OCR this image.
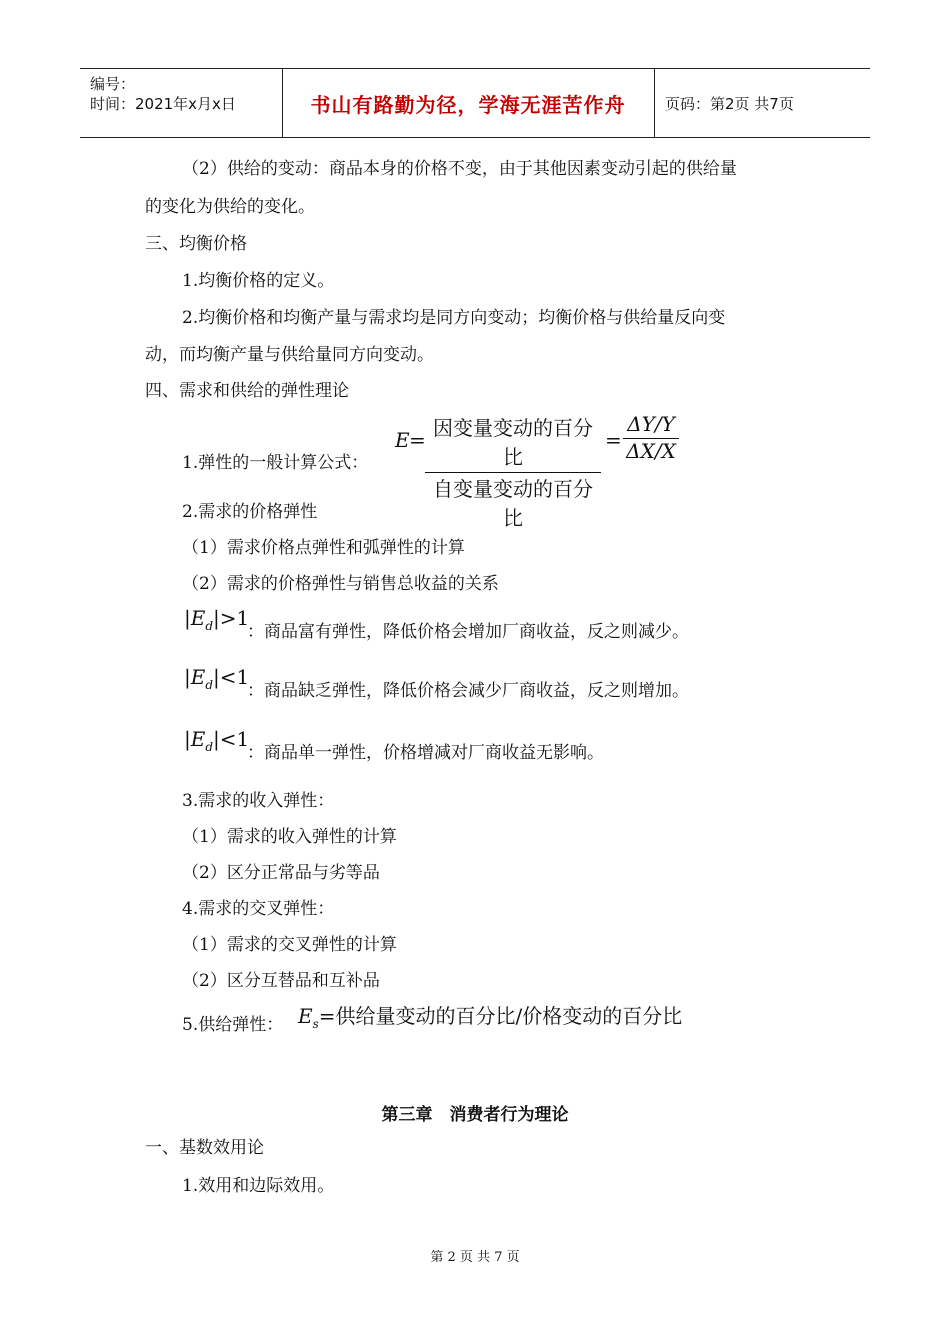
编号：
时间：2021年x月x日	书山有路勤为径，学海无涯苦作舟	页码：第2页 共7页
（2）供给的变动：商品本身的价格不变，由于其他因素变动引起的供给量
的变化为供给的变化。
三、均衡价格
1.均衡价格的定义。
2.均衡价格和均衡产量与需求均是同方向变动；均衡价格与供给量反向变
动，而均衡产量与供给量同方向变动。
四、需求和供给的弹性理论
1.弹性的一般计算公式：
E = 因变量变动的百分比
自变量变动的百分比
= $\frac{\Delta Y/Y}{\Delta X/X}$
2.需求的价格弹性
（1）需求价格点弹性和弧弹性的计算
（2）需求的价格弹性与销售总收益的关系
$|E_d|>1$
：商品富有弹性，降低价格会增加厂商收益，反之则减少。
$|E_d|<1$
：商品缺乏弹性，降低价格会减少厂商收益，反之则增加。
$|E_d|<1$
：商品单一弹性，价格增减对厂商收益无影响。
3.需求的收入弹性：
（1）需求的收入弹性的计算
（2）区分正常品与劣等品
4.需求的交叉弹性：
（1）需求的交叉弹性的计算
（2）区分互替品和互补品
5.供给弹性： $E_s=$供给量变动的百分比/价格变动的百分比
第三章　消费者行为理论
一、基数效用论
1.效用和边际效用。
第 2 页 共 7 页
